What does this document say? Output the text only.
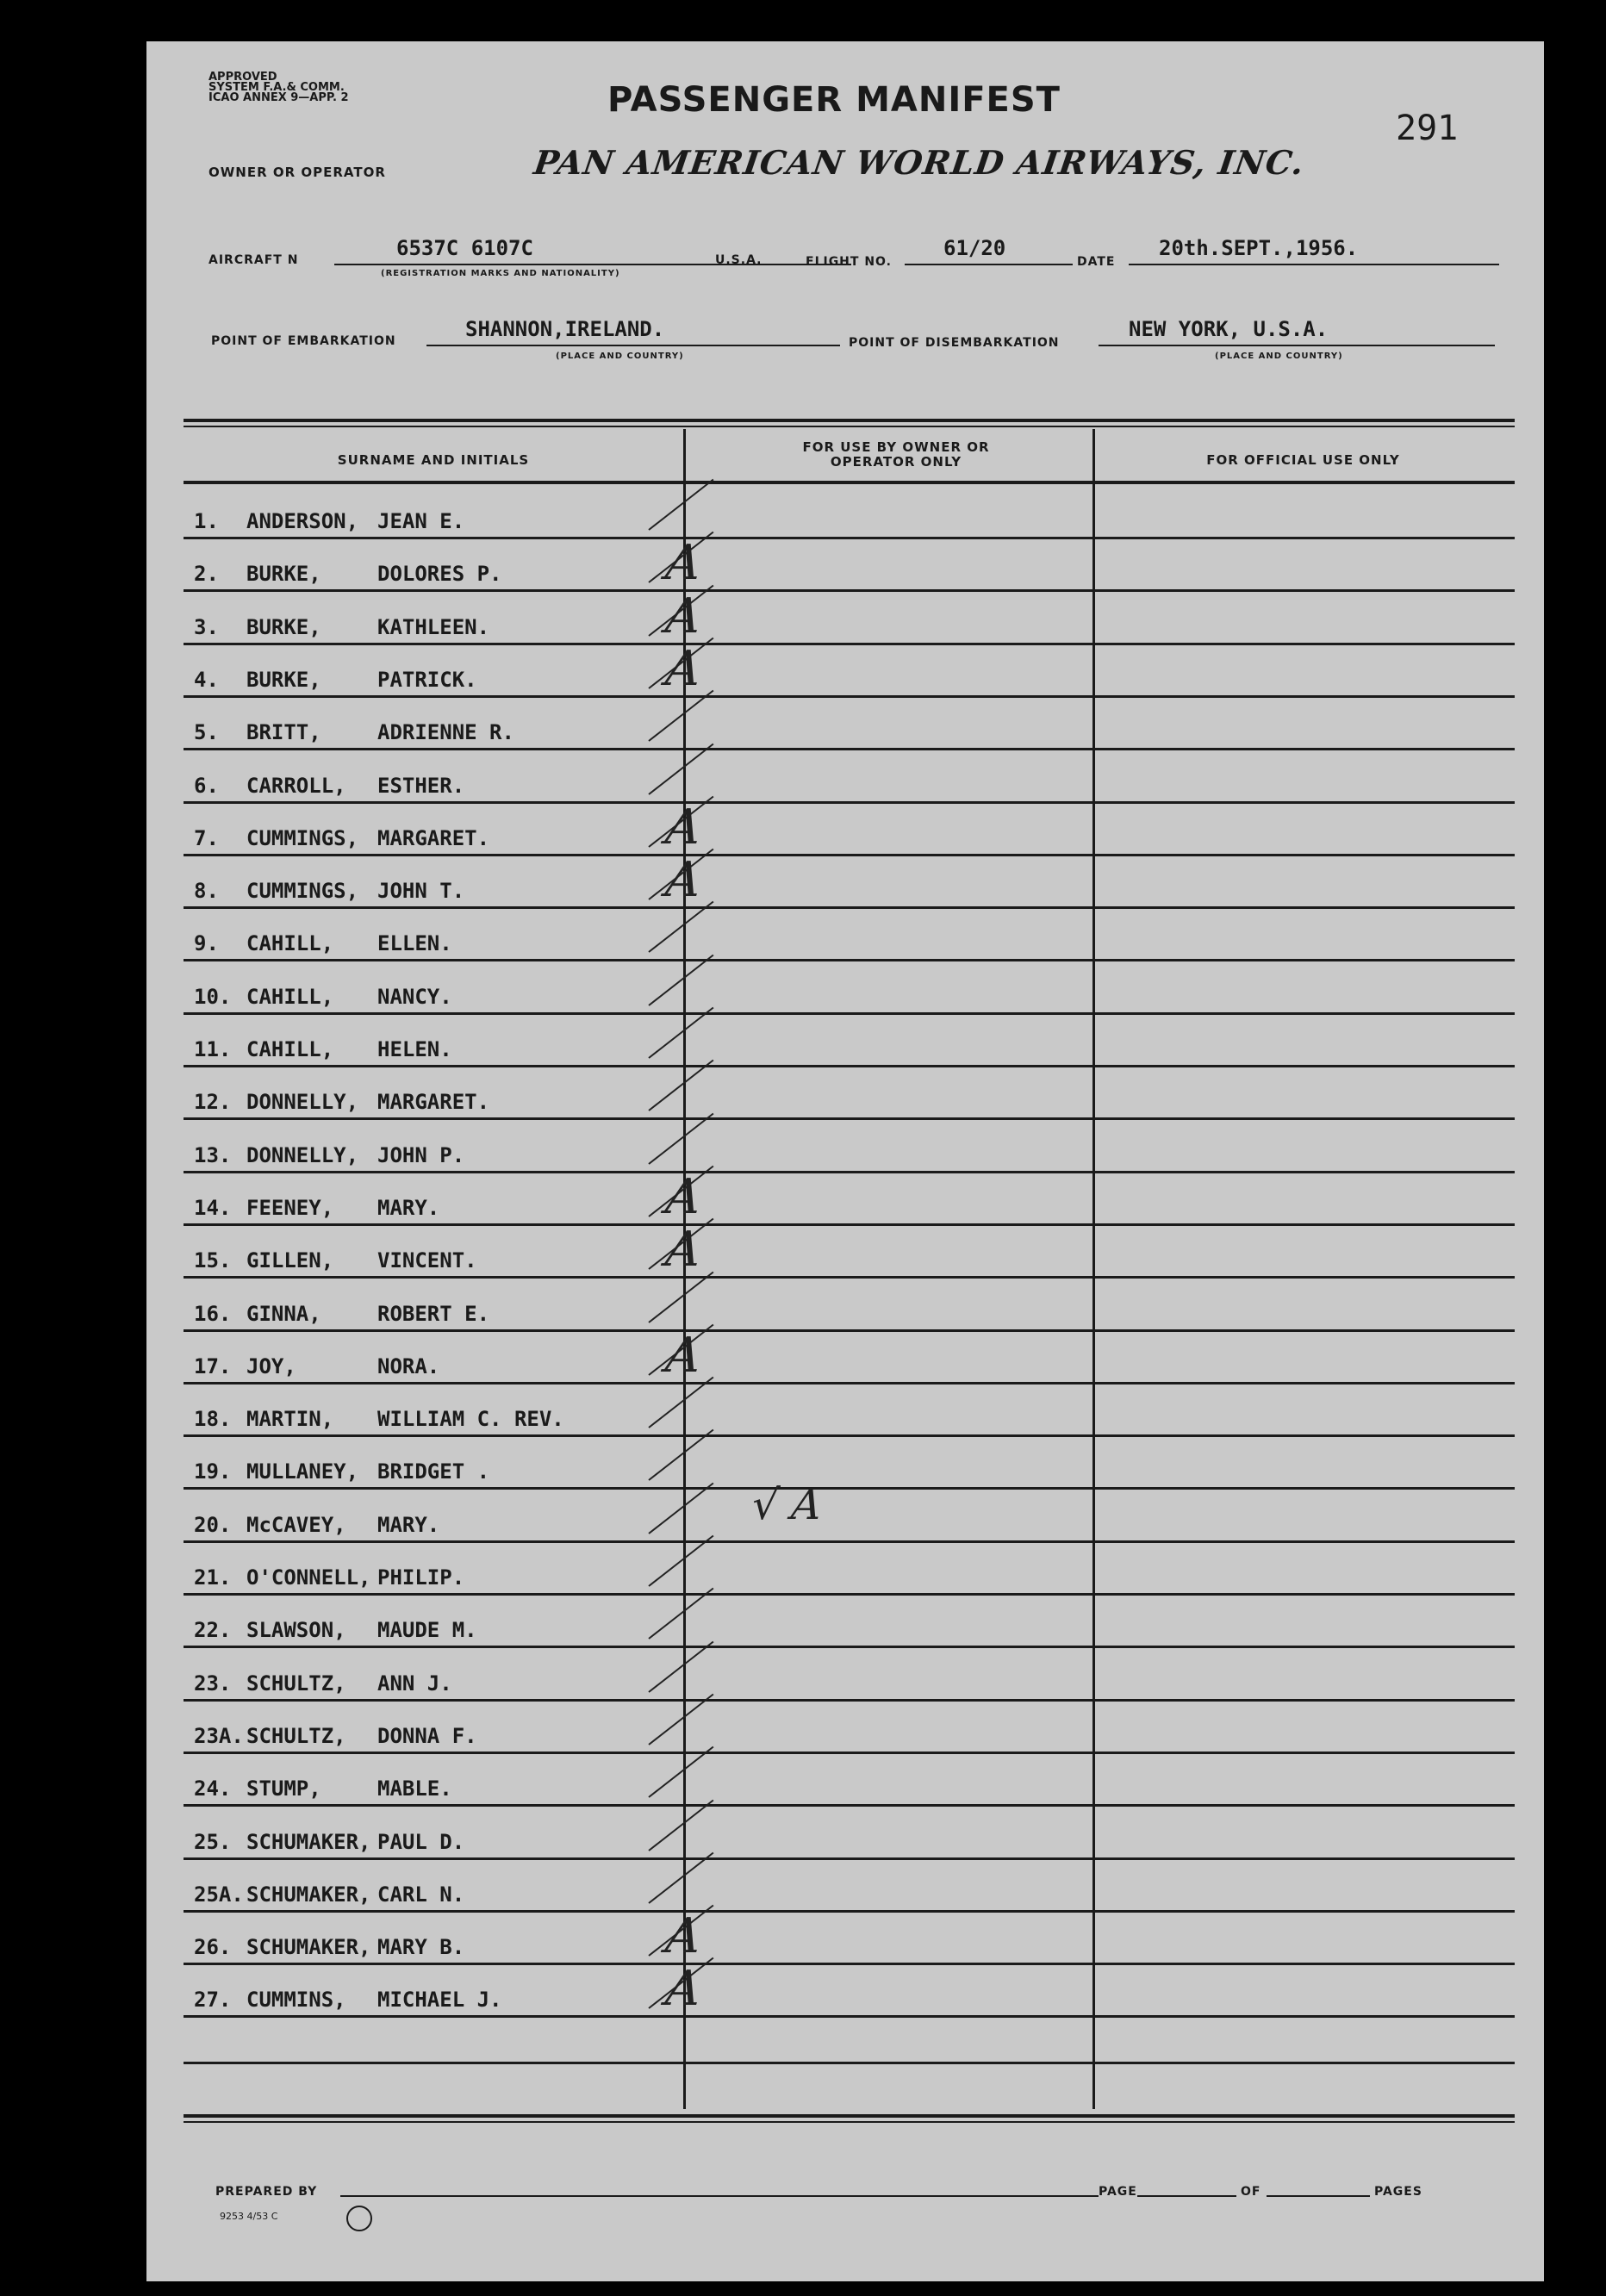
APPROVED
SYSTEM F.A.& COMM.
ICAO ANNEX 9—APP. 2
OWNER OR OPERATOR
PASSENGER MANIFEST
PAN AMERICAN WORLD AIRWAYS, INC.
291
AIRCRAFT N	6537C 6107C
(REGISTRATION MARKS AND NATIONALITY)
U.S.A.	FLIGHT NO.
61/20
DATE
20th.SEPT.,1956.
POINT OF EMBARKATION	SHANNON,IRELAND.
(PLACE AND COUNTRY)
POINT OF DISEMBARKATION
NEW YORK, U.S.A.
(PLACE AND COUNTRY)
SURNAME AND INITIALS
FOR USE BY OWNER OR OPERATOR ONLY	FOR OFFICIAL USE ONLY
1. ANDERSON, JEAN E.
2. BURKE,	DOLORES P.	A
3. BURKE,	KATHLEEN.	A
4. BURKE,	PATRICK.	A
5. BRITT,	ADRIENNE R.
6. CARROLL, ESTHER.
7. CUMMINGS, MARGARET.	A
8. CUMMINGS, JOHN T.	A
9. CAHILL, ELLEN.
10. CAHILL, NANCY.
11. CAHILL, HELEN.
12. DONNELLY, MARGARET.
13. DONNELLY, JOHN P.
14. FEENEY, MARY.	A
15. GILLEN, VINCENT.	A
16. GINNA,	ROBERT E.
17. JOY,	NORA.	A
18. MARTIN, WILLIAM C. REV.
19. MULLANEY, BRIDGET .
20. McCAVEY, MARY.	√ A
21. O'CONNELL, PHILIP.
22. SLAWSON, MAUDE M.
23. SCHULTZ, ANN J.
23A. SCHULTZ, DONNA F.
24. STUMP,	MABLE.
25. SCHUMAKER, PAUL D.
25A. SCHUMAKER, CARL N.
26. SCHUMAKER, MARY B.	A
27. CUMMINS, MICHAEL J.	A
PREPARED BY	PAGE	OF	PAGES
9253 4/53 C
